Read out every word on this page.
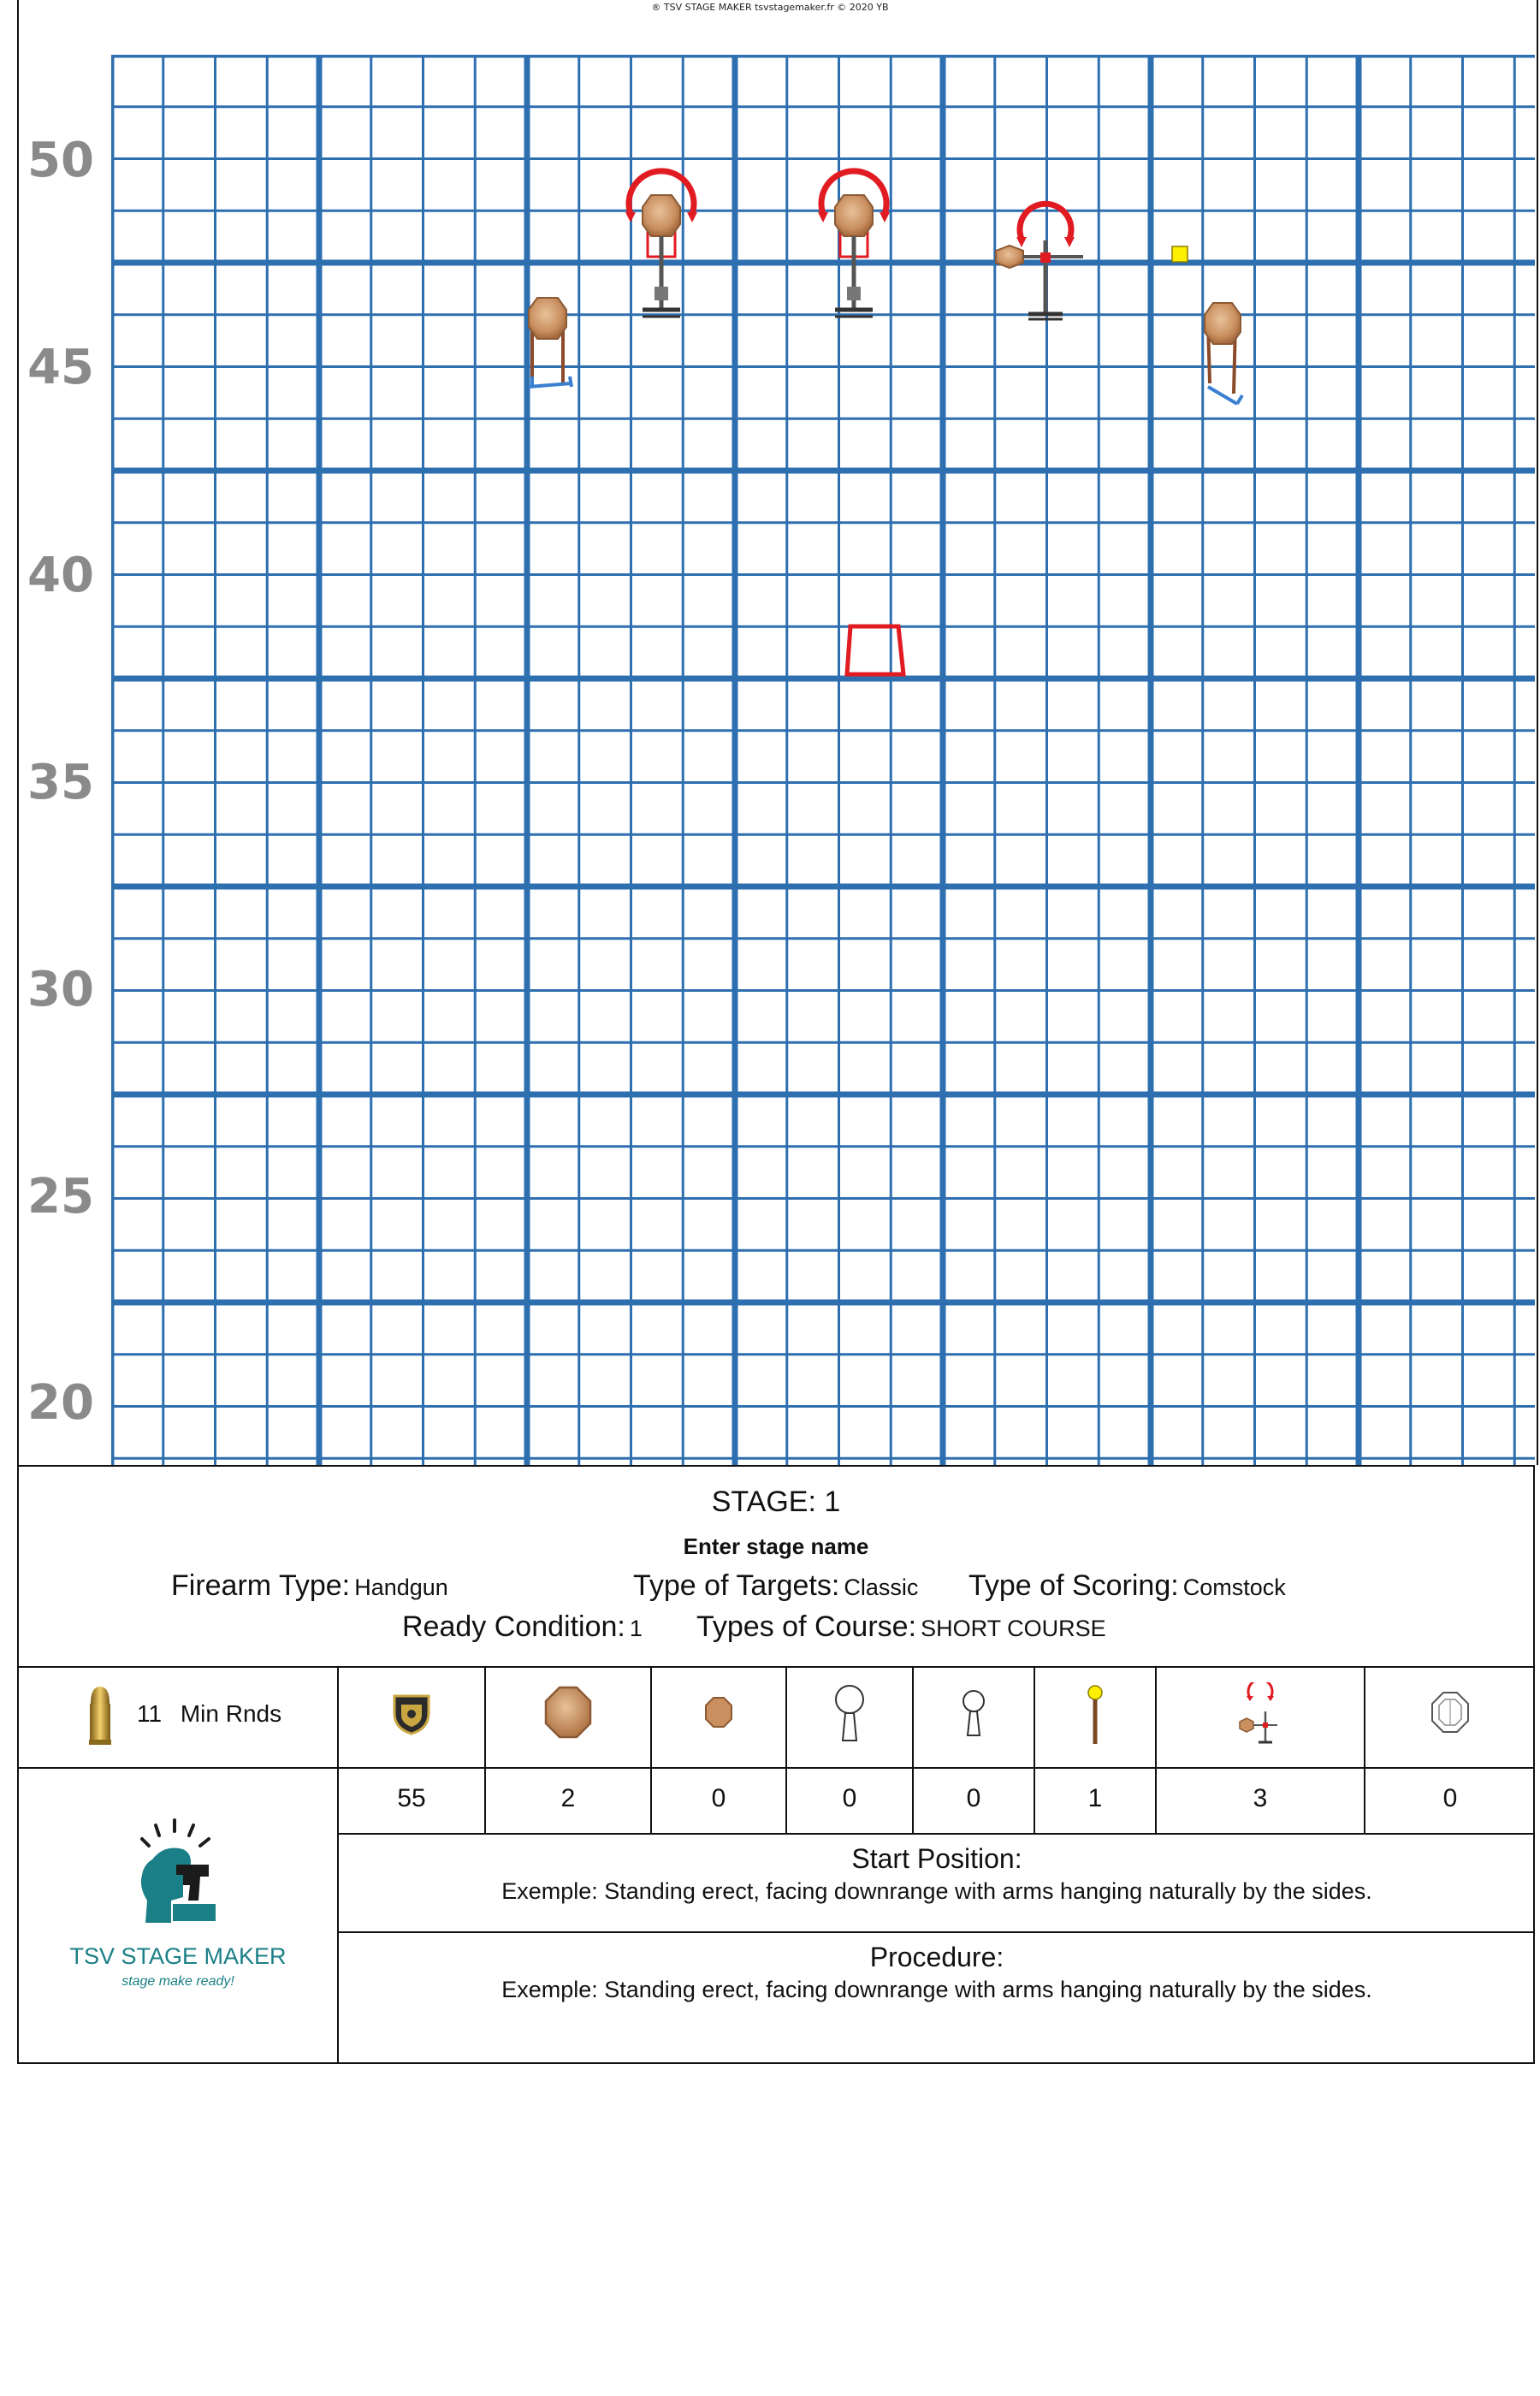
® TSV STAGE MAKER tsvstagemaker.fr © 2020 YB
50
45
40
35
30
25
20
STAGE: 1
Enter stage name
Firearm Type: Handgun	Type of Targets: Classic Type of Scoring: Comstock
Ready Condition: 1 Types of Course: SHORT COURSE
11 Min Rnds
55	2	0	0	0	1	3	0
TSV STAGE MAKER
stage make ready!
Start Position:
Exemple: Standing erect, facing downrange with arms hanging naturally by the sides.
Procedure:
Exemple: Standing erect, facing downrange with arms hanging naturally by the sides.
